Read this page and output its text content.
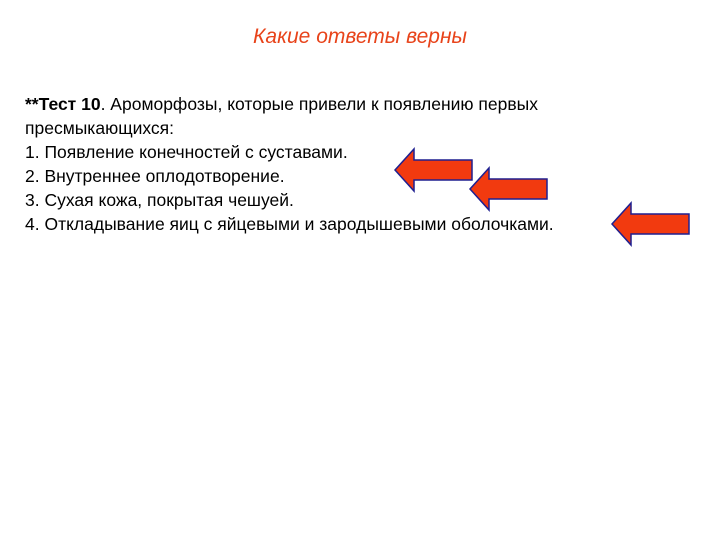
Какие ответы верны
**Тест 10. Ароморфозы, которые привели к появлению первых
пресмыкающихся:
1. Появление конечностей с суставами.
2. Внутреннее оплодотворение.
3. Сухая кожа, покрытая чешуей.
4. Откладывание яиц с яйцевыми и зародышевыми оболочками.
